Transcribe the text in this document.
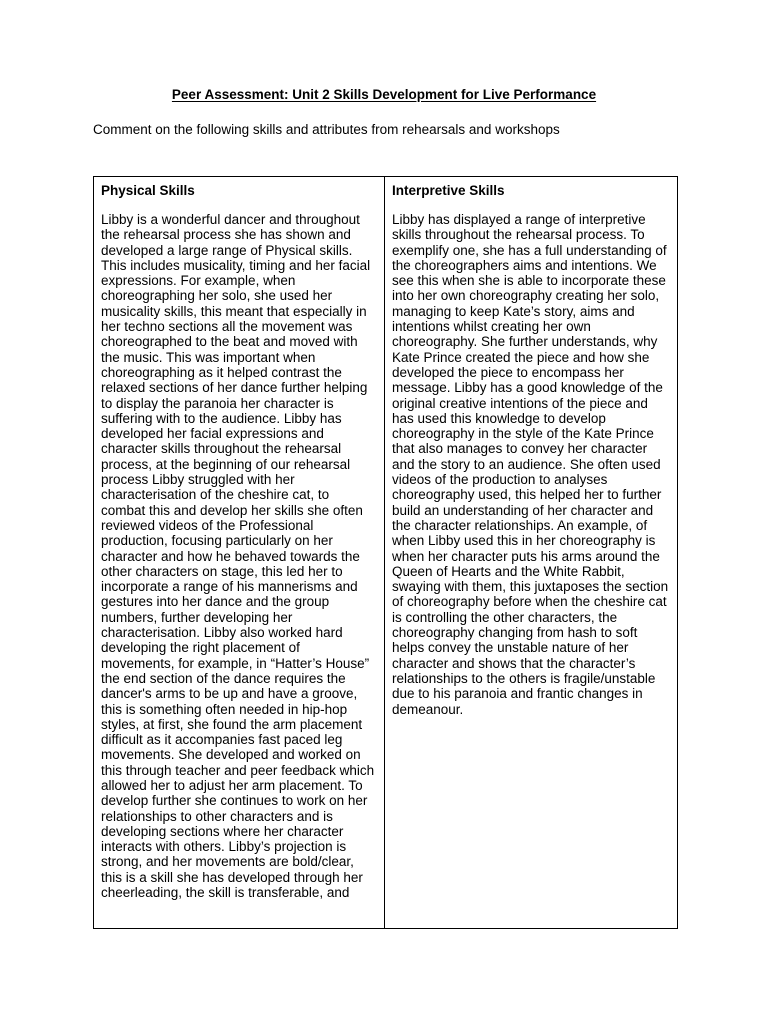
Peer Assessment: Unit 2 Skills Development for Live Performance

Comment on the following skills and attributes from rehearsals and workshops

Physical Skills

Libby is a wonderful dancer and throughout the rehearsal process she has shown and developed a large range of Physical skills. This includes musicality, timing and her facial expressions. For example, when choreographing her solo, she used her musicality skills, this meant that especially in her techno sections all the movement was choreographed to the beat and moved with the music. This was important when choreographing as it helped contrast the relaxed sections of her dance further helping to display the paranoia her character is suffering with to the audience. Libby has developed her facial expressions and character skills throughout the rehearsal process, at the beginning of our rehearsal process Libby struggled with her characterisation of the cheshire cat, to combat this and develop her skills she often reviewed videos of the Professional production, focusing particularly on her character and how he behaved towards the other characters on stage, this led her to incorporate a range of his mannerisms and gestures into her dance and the group numbers, further developing her characterisation. Libby also worked hard developing the right placement of movements, for example, in “Hatter’s House” the end section of the dance requires the dancer's arms to be up and have a groove, this is something often needed in hip-hop styles, at first, she found the arm placement difficult as it accompanies fast paced leg movements. She developed and worked on this through teacher and peer feedback which allowed her to adjust her arm placement. To develop further she continues to work on her relationships to other characters and is developing sections where her character interacts with others. Libby’s projection is strong, and her movements are bold/clear, this is a skill she has developed through her cheerleading, the skill is transferable, and

Interpretive Skills

Libby has displayed a range of interpretive skills throughout the rehearsal process. To exemplify one, she has a full understanding of the choreographers aims and intentions. We see this when she is able to incorporate these into her own choreography creating her solo, managing to keep Kate’s story, aims and intentions whilst creating her own choreography. She further understands, why Kate Prince created the piece and how she developed the piece to encompass her message. Libby has a good knowledge of the original creative intentions of the piece and has used this knowledge to develop choreography in the style of the Kate Prince that also manages to convey her character and the story to an audience. She often used videos of the production to analyses choreography used, this helped her to further build an understanding of her character and the character relationships. An example, of when Libby used this in her choreography is when her character puts his arms around the Queen of Hearts and the White Rabbit, swaying with them, this juxtaposes the section of choreography before when the cheshire cat is controlling the other characters, the choreography changing from hash to soft helps convey the unstable nature of her character and shows that the character’s relationships to the others is fragile/unstable due to his paranoia and frantic changes in demeanour.
